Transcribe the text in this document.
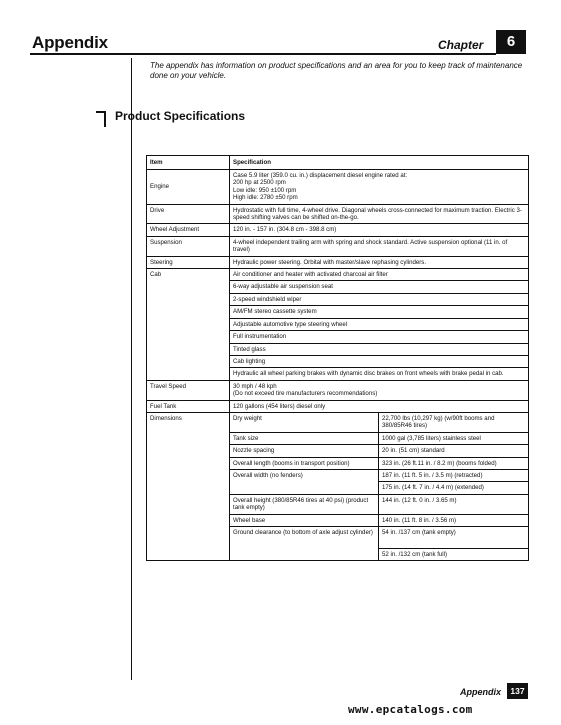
Appendix	Chapter	6
The appendix has information on product specifications and an area for you to keep track of maintenance done on your vehicle.
Product Specifications
Item	Specification	
Engine	Case 5.9 liter (359.0 cu. in.) displacement diesel engine rated at:
200 hp at 2500 rpm
Low idle: 950 ±100 rpm
High idle: 2780 ±50 rpm	

Drive	Hydrostatic with full time, 4-wheel drive. Diagonal wheels cross-connected for maximum traction. Electric 3-speed shifting valves can be shifted on-the-go.	
Wheel Adjustment	120 in. - 157 in. (304.8 cm - 398.8 cm)	
Suspension	4-wheel independent trailing arm with spring and shock standard. Active suspension optional (11 in. of travel)	
Steering	Hydraulic power steering. Orbital with master/slave rephasing cylinders.	
Cab	Air conditioner and heater with activated charcoal air filter	
	6-way adjustable air suspension seat	
	2-speed windshield wiper	
	AM/FM stereo cassette system	
	Adjustable automotive type steering wheel	
	Full instrumentation	
	Tinted glass	
	Cab lighting	
	Hydraulic all wheel parking brakes with dynamic disc brakes on front wheels with brake pedal in cab.	
Travel Speed	30 mph / 48 kph
(Do not exceed tire manufacturers recommendations)	

Fuel Tank	120 gallons (454 liters) diesel only	
Dimensions	Dry weight	22,700 lbs (10,297 kg) (w/90ft booms and 380/85R46 tires)
	Tank size	1000 gal (3,785 liters) stainless steel
	Nozzle spacing	20 in. (51 cm) standard
	Overall length (booms in transport position)	323 in. (26 ft.11 in. / 8.2 m) (booms folded)
	Overall width (no fenders)	187 in. (11 ft. 5 in. / 3.5 m) (retracted)
		175 in. (14 ft. 7 in. / 4.4 m) (extended)
	Overall height (380/85R46 tires at 40 psi) (product tank empty)	144 in. (12 ft. 0 in. / 3.65 m)
	Wheel base	140 in. (11 ft. 8 in. / 3.56 m)
	Ground clearance (to bottom of axle adjust cylinder)	54 in. /137 cm (tank empty)
		52 in. /132 cm (tank full)
Appendix	137
www.epcatalogs.com
